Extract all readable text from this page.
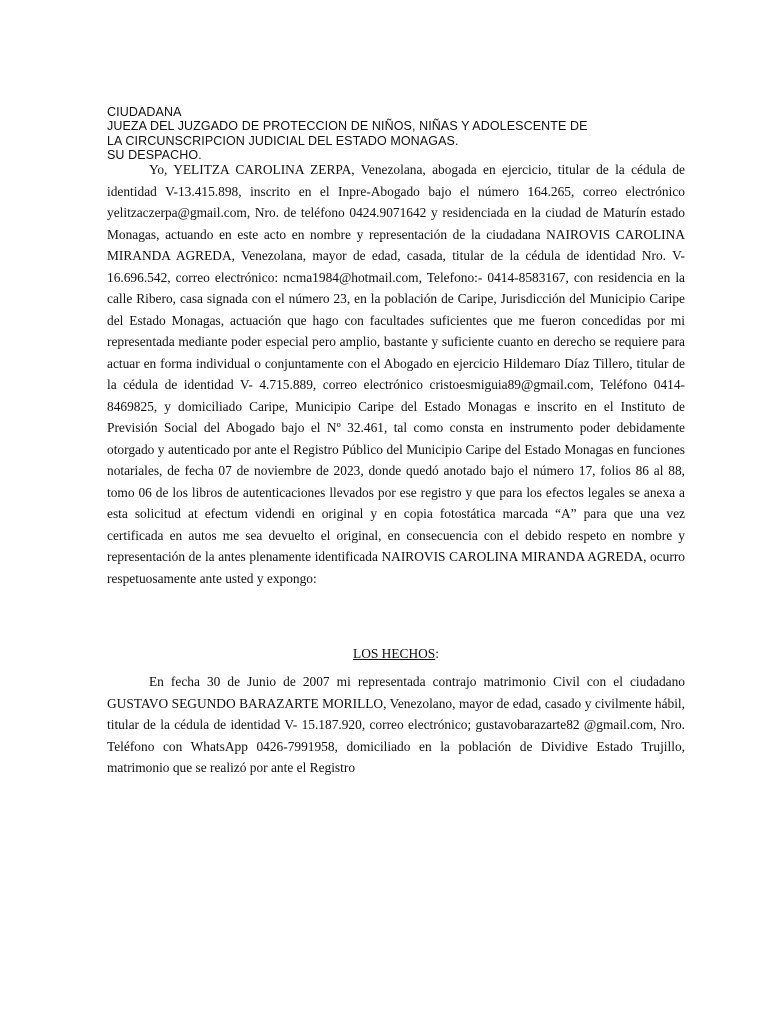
CIUDADANA
JUEZA DEL JUZGADO DE PROTECCION DE NIÑOS, NIÑAS Y ADOLESCENTE DE
LA CIRCUNSCRIPCION JUDICIAL DEL ESTADO MONAGAS.
SU DESPACHO.
Yo, YELITZA CAROLINA ZERPA, Venezolana, abogada en ejercicio, titular de la cédula de identidad V-13.415.898, inscrito en el Inpre-Abogado bajo el número 164.265, correo electrónico yelitzaczerpa@gmail.com, Nro. de teléfono 0424.9071642 y residenciada en la ciudad de Maturín estado Monagas, actuando en este acto en nombre y representación de la ciudadana NAIROVIS CAROLINA MIRANDA AGREDA, Venezolana, mayor de edad, casada, titular de la cédula de identidad Nro. V-16.696.542, correo electrónico: ncma1984@hotmail.com, Telefono:- 0414-8583167, con residencia en la calle Ribero, casa signada con el número 23, en la población de Caripe, Jurisdicción del Municipio Caripe del Estado Monagas, actuación que hago con facultades suficientes que me fueron concedidas por mi representada mediante poder especial pero amplio, bastante y suficiente cuanto en derecho se requiere para actuar en forma individual o conjuntamente con el Abogado en ejercicio Hildemaro Díaz Tillero, titular de la cédula de identidad V- 4.715.889, correo electrónico cristoesmiguia89@gmail.com, Teléfono 0414-8469825, y domiciliado Caripe, Municipio Caripe del Estado Monagas e inscrito en el Instituto de Previsión Social del Abogado bajo el Nº 32.461, tal como consta en instrumento poder debidamente otorgado y autenticado por ante el Registro Público del Municipio Caripe del Estado Monagas en funciones notariales, de fecha 07 de noviembre de 2023, donde quedó anotado bajo el número 17, folios 86 al 88, tomo 06 de los libros de autenticaciones llevados por ese registro y que para los efectos legales se anexa a esta solicitud at efectum videndi en original y en copia fotostática marcada “A” para que una vez certificada en autos me sea devuelto el original, en consecuencia con el debido respeto en nombre y representación de la antes plenamente identificada NAIROVIS CAROLINA MIRANDA AGREDA, ocurro respetuosamente ante usted y expongo:
LOS HECHOS:
En fecha 30 de Junio de 2007 mi representada contrajo matrimonio Civil con el ciudadano GUSTAVO SEGUNDO BARAZARTE MORILLO, Venezolano, mayor de edad, casado y civilmente hábil, titular de la cédula de identidad V- 15.187.920, correo electrónico; gustavobarazarte82 @gmail.com, Nro. Teléfono con WhatsApp 0426-7991958, domiciliado en la población de Dividive Estado Trujillo, matrimonio que se realizó por ante el Registro
